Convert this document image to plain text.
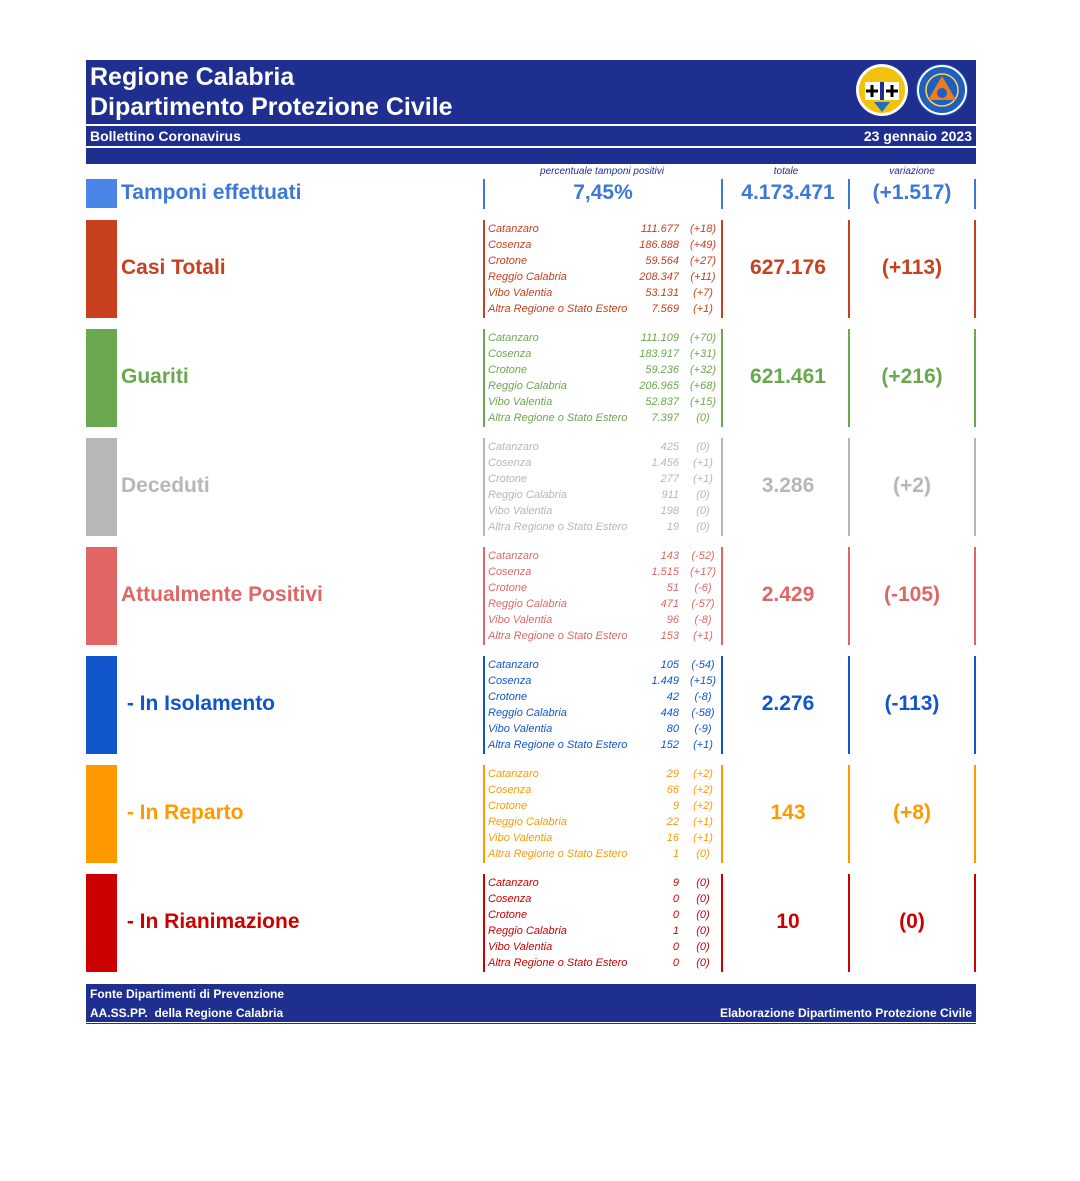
Regione Calabria
Dipartimento Protezione Civile
Bollettino Coronavirus	23 gennaio 2023
percentuale tamponi positivi	totale	variazione
Tamponi effettuati	7,45%	4.173.471	(+1.517)
Casi Totali
Catanzaro	111.677	(+18)
Cosenza	186.888	(+49)
Crotone	59.564	(+27)
Reggio Calabria	208.347	(+11)
Vibo Valentia	53.131	(+7)
Altra Regione o Stato Estero 7.569	(+1)
627.176	(+113)
Guariti
Catanzaro	111.109	(+70)
Cosenza	183.917	(+31)
Crotone	59.236	(+32)
Reggio Calabria	206.965	(+68)
Vibo Valentia	52.837	(+15)
Altra Regione o Stato Estero 7.397	(0)
621.461	(+216)
Deceduti
Catanzaro	425	(0)
Cosenza	1.456	(+1)
Crotone	277	(+1)
Reggio Calabria	911	(0)
Vibo Valentia	198	(0)
Altra Regione o Stato Estero	19	(0)
3.286	(+2)
Attualmente Positivi
Catanzaro	143	(-52)
Cosenza	1.515	(+17)
Crotone	51	(-6)
Reggio Calabria	471	(-57)
Vibo Valentia	96	(-8)
Altra Regione o Stato Estero	153	(+1)
2.429	(-105)
- In Isolamento
Catanzaro	105	(-54)
Cosenza	1.449	(+15)
Crotone	42	(-8)
Reggio Calabria	448	(-58)
Vibo Valentia	80	(-9)
Altra Regione o Stato Estero	152	(+1)
2.276	(-113)
- In Reparto
Catanzaro	29	(+2)
Cosenza	66	(+2)
Crotone	9	(+2)
Reggio Calabria	22	(+1)
Vibo Valentia	16	(+1)
Altra Regione o Stato Estero	1	(0)
143	(+8)
- In Rianimazione
Catanzaro	9	(0)
Cosenza	0	(0)
Crotone	0	(0)
Reggio Calabria	1	(0)
Vibo Valentia	0	(0)
Altra Regione o Stato Estero	0	(0)
10	(0)
Fonte Dipartimenti di Prevenzione
AA.SS.PP.  della Regione Calabria	Elaborazione Dipartimento Protezione Civile
